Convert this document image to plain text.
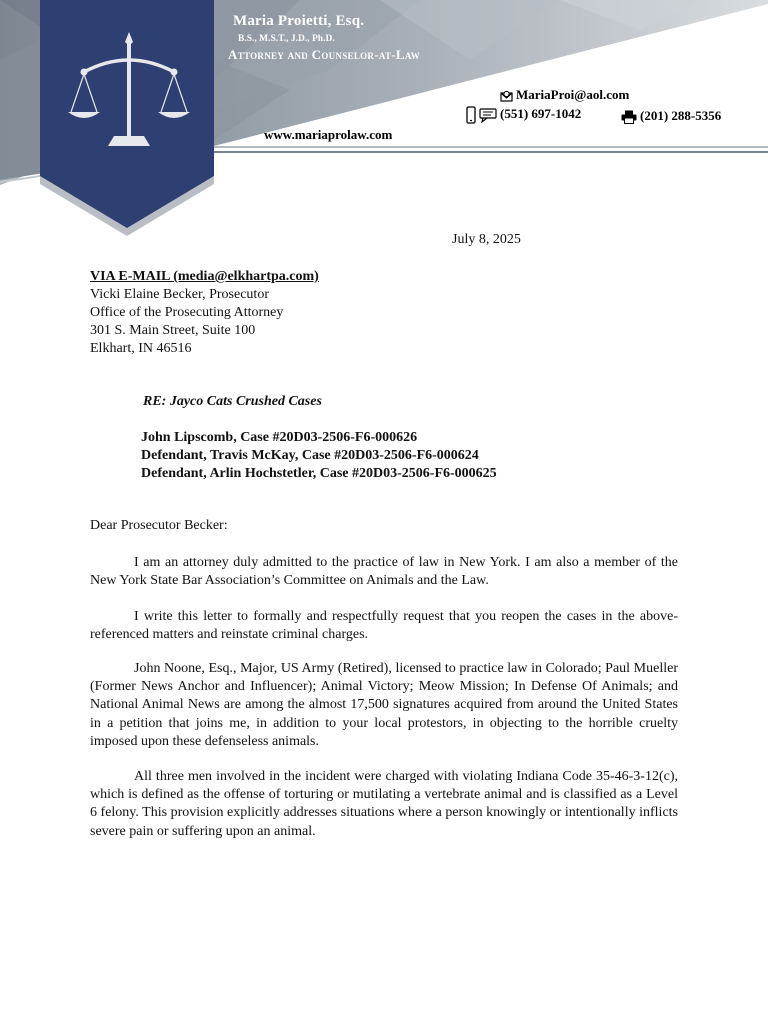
Maria Proietti, Esq.
B.S., M.S.T., J.D., Ph.D.
Attorney and Counselor-at-Law
MariaProi@aol.com
(551) 697-1042	(201) 288-5356
www.mariaprolaw.com
July 8, 2025
VIA E-MAIL (media@elkhartpa.com)
Vicki Elaine Becker, Prosecutor
Office of the Prosecuting Attorney
301 S. Main Street, Suite 100
Elkhart, IN 46516
RE: Jayco Cats Crushed Cases
John Lipscomb, Case #20D03-2506-F6-000626
Defendant, Travis McKay, Case #20D03-2506-F6-000624
Defendant, Arlin Hochstetler, Case #20D03-2506-F6-000625
Dear Prosecutor Becker:

I am an attorney duly admitted to the practice of law in New York. I am also a member of the New York State Bar Association’s Committee on Animals and the Law.

I write this letter to formally and respectfully request that you reopen the cases in the above-referenced matters and reinstate criminal charges.

John Noone, Esq., Major, US Army (Retired), licensed to practice law in Colorado; Paul Mueller (Former News Anchor and Influencer); Animal Victory; Meow Mission; In Defense Of Animals; and National Animal News are among the almost 17,500 signatures acquired from around the United States in a petition that joins me, in addition to your local protestors, in objecting to the horrible cruelty imposed upon these defenseless animals.

All three men involved in the incident were charged with violating Indiana Code 35-46-3-12(c), which is defined as the offense of torturing or mutilating a vertebrate animal and is classified as a Level 6 felony. This provision explicitly addresses situations where a person knowingly or intentionally inflicts severe pain or suffering upon an animal.
